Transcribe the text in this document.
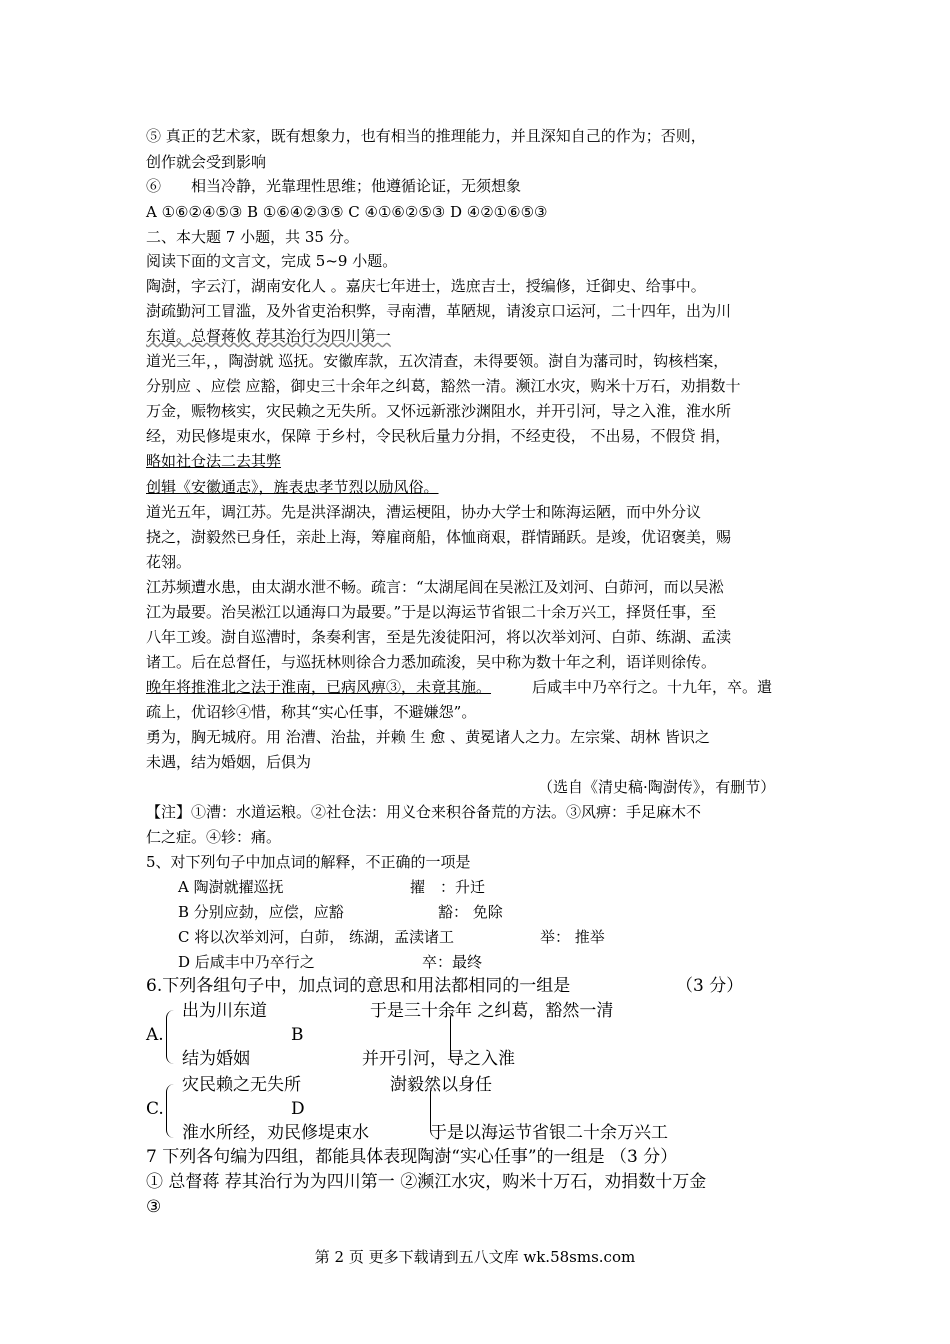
⑤ 真正的艺术家，既有想象力，也有相当的推理能力，并且深知自己的作为；否则，
创作就会受到影响
⑥　　相当冷静，光靠理性思维；他遵循论证，无须想象
A ①⑥②④⑤③ B ①⑥④②③⑤ C ④①⑥②⑤③ D ④②①⑥⑤③
二、本大题 7 小题，共 35 分。
阅读下面的文言文，完成 5~9 小题。
陶澍，字云汀，湖南安化人 。嘉庆七年进士，选庶吉士，授编修，迁御史、给事中。
澍疏勤河工冒滥，及外省吏治积弊，寻南漕，革陋规，请浚京口运河，二十四年，出为川
东道。总督蒋攸 荐其治行为四川第一
道光三年，，陶澍就 巡抚。安徽库款，五次清查，未得要领。澍自为藩司时，钩核档案，
分别应 、应偿 应豁，御史三十余年之纠葛，豁然一清。濒江水灾，购米十万石，劝捐数十
万金，赈物核实，灾民赖之无失所。又怀远新涨沙渊阻水，并开引河，导之入淮，淮水所
经，劝民修堤束水，保障 于乡村，令民秋后量力分捐，不经吏役， 不出易，不假贷 捐，
略如社仓法二去其弊
创辑《安徽通志》，旌表忠孝节烈以励风俗。
道光五年，调江苏。先是洪泽湖决，漕运梗阻，协办大学士和陈海运陋，而中外分议
挠之，澍毅然已身任，亲赴上海，筹雇商船，体恤商艰，群情踊跃。是竣，优诏褒美，赐
花翎。
江苏频遭水患，由太湖水泄不畅。疏言：“太湖尾闾在吴淞江及刘河、白茆河，而以吴淞
江为最要。治吴淞江以通海口为最要。”于是以海运节省银二十余万兴工，择贤任事，至
八年工竣。澍自巡漕时，条奏利害，至是先浚徒阳河，将以次举刘河、白茆、练湖、孟渎
诸工。后在总督任，与巡抚林则徐合力悉加疏浚，吴中称为数十年之利，语详则徐传。
晚年将推淮北之法于淮南，已病风痹③，未竟其施。	后咸丰中乃卒行之。十九年，卒。遣
疏上，优诏轸④惜，称其“实心任事，不避嫌怨”。
勇为，胸无城府。用 治漕、治盐，并赖 生 愈 、黄冕诸人之力。左宗棠、胡林 皆识之
未遇，结为婚姻，后俱为
（选自《清史稿·陶澍传》，有删节）
【注】①漕：水道运粮。②社仓法：用义仓来积谷备荒的方法。③风痹：手足麻木不
仁之症。④轸：痛。
5、对下列句子中加点词的解释，不正确的一项是
A 陶澍就擢巡抚	擢　：升迁
B 分别应勎，应偿，应豁	豁： 免除
C 将以次举刘河，白茆， 练湖，孟渎诸工	举： 推举
D 后咸丰中乃卒行之	卒：最终
6.下列各组句子中，加点词的意思和用法都相同的一组是	（3 分）
出为川东道	于是三十余年 之纠葛，豁然一清
A.	B
结为婚姻	并开引河，导之入淮
灾民赖之无失所	澍毅然以身任
C.	D
淮水所经，劝民修堤束水	于是以海运节省银二十余万兴工
7 下列各句编为四组，都能具体表现陶澍“实心任事”的一组是 （3 分）
① 总督蒋 荐其治行为为四川第一 ②濒江水灾，购米十万石，劝捐数十万金
③
第 2 页 更多下载请到五八文库 wk.58sms.com
